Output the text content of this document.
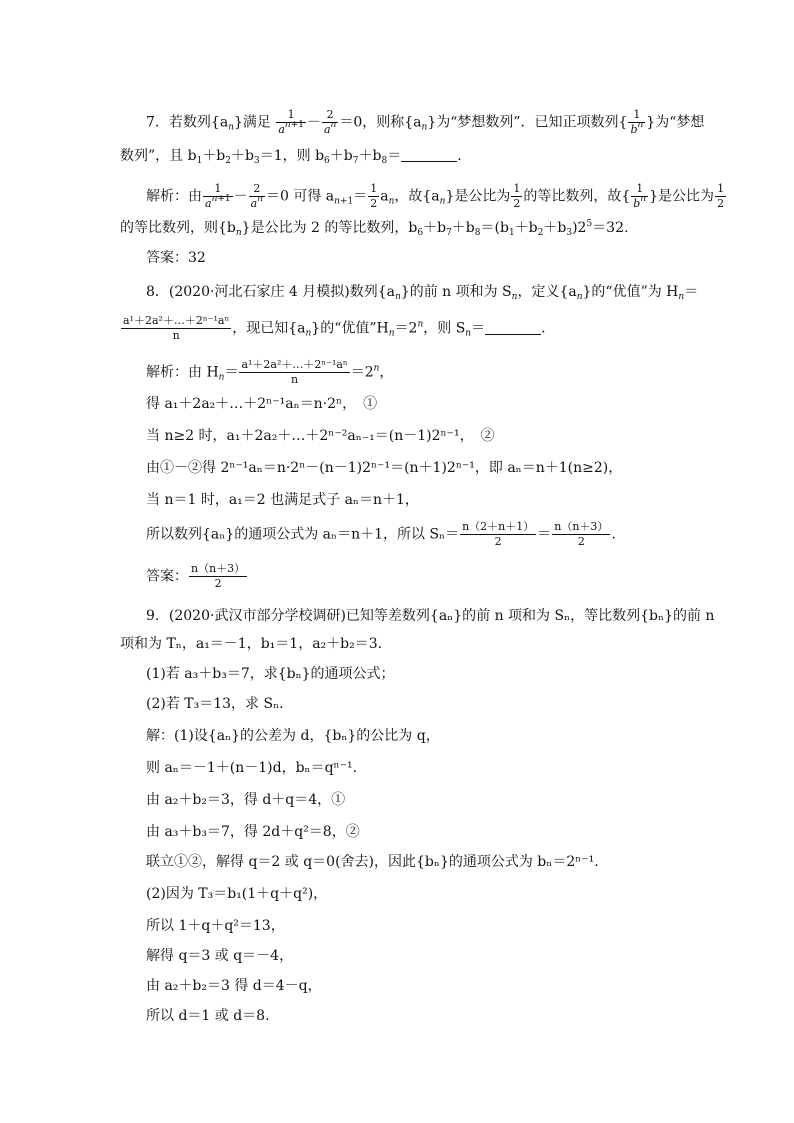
7．若数列$\{a_n\}$满足 $\frac{1}{a^{n+1}} - \frac{2}{a^n} =0$，则称$\{a_n\}$为“梦想数列”．已知正项数列{ $\frac{1}{b^n}$ }为“梦想
数列”，且 $b_1+b_2+b_3=1$，则 $b_6+b_7+b_8=$	.
解析：由 $\frac{1}{a^{n+1}} - \frac{2}{a^n} =0$ 可得 $a_{n+1}= \frac{1}{2} a_n$，故$\{a_n\}$是公比为 $\frac{1}{2}$ 的等比数列，故{ $\frac{1}{b^n}$ }是公比为 $\frac{1}{2}$
的等比数列，则$\{b_n\}$是公比为 2 的等比数列，$b_6+b_7+b_8=(b_1+b_2+b_3)2^5=32$.
答案：32
8．(2020·河北石家庄 4 月模拟)数列$\{a_n\}$的前 n 项和为 $S_n$，定义$\{a_n\}$的“优值”为 $H_n=$
$\frac{\text{a¹＋2a²＋…＋2ⁿ⁻¹aⁿ}}{n}$ ，现已知$\{a_n\}$的“优值$”H_n=2^n$，则 $S_n=$	.
解析：由 $H_n= \frac{\text{a¹＋2a²＋…＋2ⁿ⁻¹aⁿ}}{n} =2^n$，
得 a₁＋2a₂＋…＋2ⁿ⁻¹aₙ＝n·2ⁿ，　①
当 n≥2 时，a₁＋2a₂＋…＋2ⁿ⁻²aₙ₋₁＝(n－1)2ⁿ⁻¹，　②
由①－②得 2ⁿ⁻¹aₙ＝n·2ⁿ－(n－1)2ⁿ⁻¹＝(n＋1)2ⁿ⁻¹，即 aₙ＝n＋1(n≥2)，
当 n＝1 时，a₁＝2 也满足式子 aₙ＝n＋1，
所以数列{aₙ}的通项公式为 aₙ＝n＋1，所以 $S_n= \frac{n(2+n+1)}{2} = \frac{n(n+3)}{2}$ .
答案： $\frac{n(n+3)}{2}$
9．(2020·武汉市部分学校调研)已知等差数列{aₙ}的前 n 项和为 Sₙ，等比数列{bₙ}的前 n
项和为 Tₙ，a₁＝－1，b₁＝1，a₂＋b₂＝3.
(1)若 a₃＋b₃＝7，求{bₙ}的通项公式；
(2)若 T₃＝13，求 Sₙ.
解：(1)设{aₙ}的公差为 d，{bₙ}的公比为 q，
则 aₙ＝－1＋(n－1)d，bₙ＝qⁿ⁻¹.
由 a₂＋b₂＝3，得 d＋q＝4，①
由 a₃＋b₃＝7，得 2d＋q²＝8，②
联立①②，解得 q＝2 或 q＝0(舍去)，因此{bₙ}的通项公式为 bₙ＝2ⁿ⁻¹.
(2)因为 T₃＝b₁(1＋q＋q²)，
所以 1＋q＋q²＝13，
解得 q＝3 或 q＝－4，
由 a₂＋b₂＝3 得 d＝4－q，
所以 d＝1 或 d＝8.
